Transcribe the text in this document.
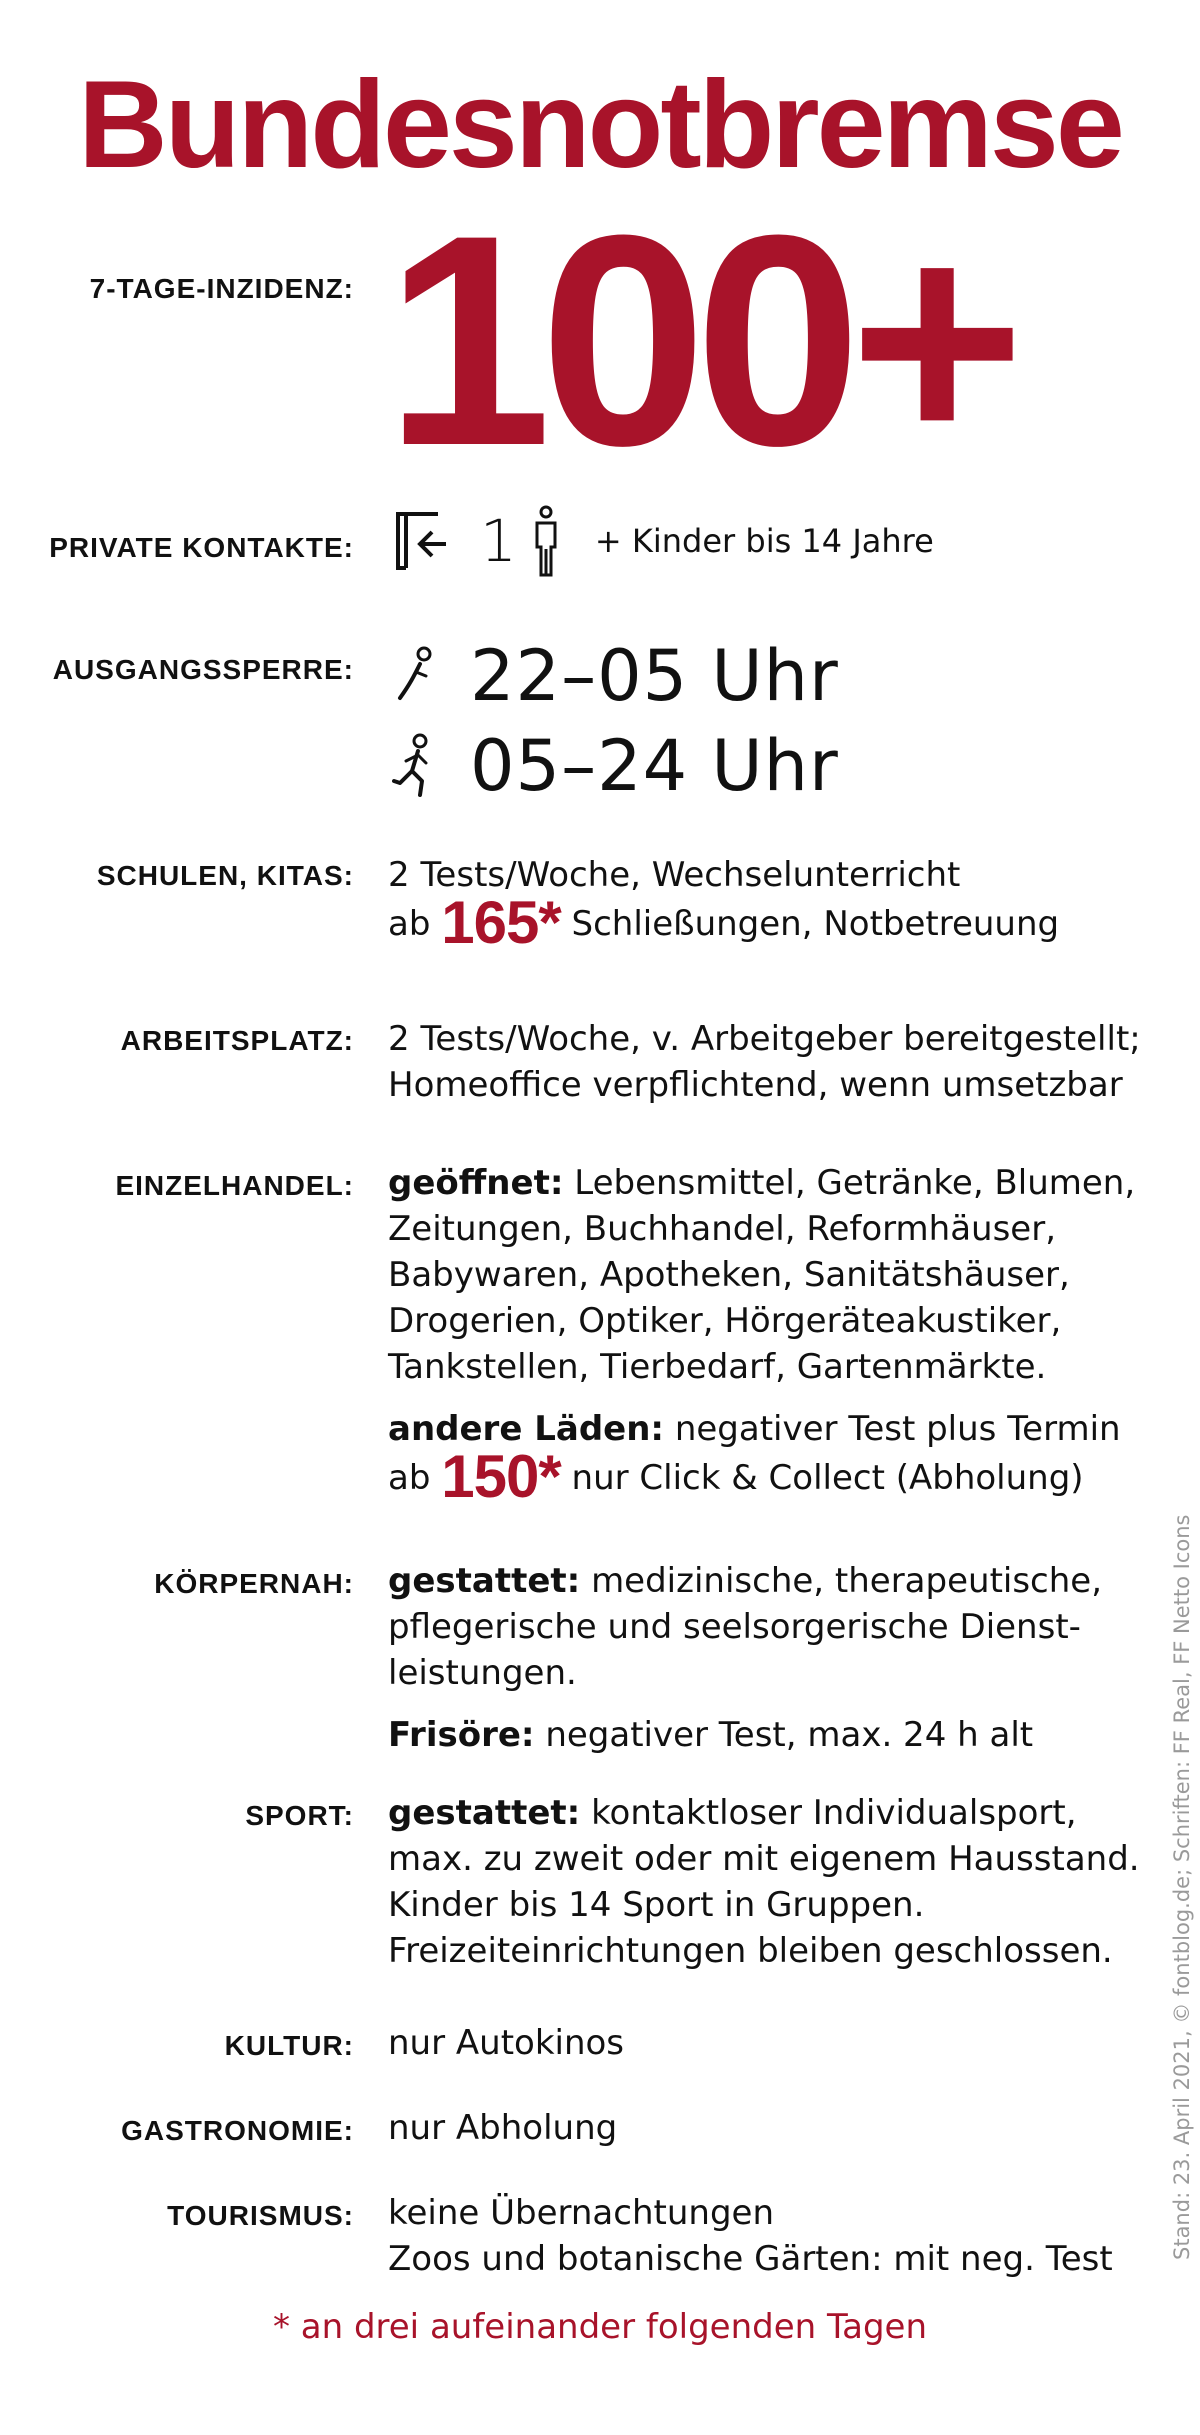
Bundesnotbremse
7-TAGE-INZIDENZ: 100+
PRIVATE KONTAKTE: 1 + Kinder bis 14 Jahre
AUSGANGSSPERRE: 22–05 Uhr
05–24 Uhr
SCHULEN, KITAS: 2 Tests/Woche, Wechselunterricht
ab 165* Schließungen, Notbetreuung
ARBEITSPLATZ: 2 Tests/Woche, v. Arbeitgeber bereitgestellt;
Homeoffice verpflichtend, wenn umsetzbar
EINZELHANDEL: geöffnet: Lebensmittel, Getränke, Blumen,
Zeitungen, Buchhandel, Reformhäuser,
Babywaren, Apotheken, Sanitätshäuser,
Drogerien, Optiker, Hörgeräteakustiker,
Tankstellen, Tierbedarf, Gartenmärkte.
andere Läden: negativer Test plus Termin
ab 150* nur Click & Collect (Abholung)
KÖRPERNAH: gestattet: medizinische, therapeutische,
pflegerische und seelsorgerische Dienst-
leistungen.
Frisöre: negativer Test, max. 24 h alt
SPORT: gestattet: kontaktloser Individualsport,
max. zu zweit oder mit eigenem Hausstand.
Kinder bis 14 Sport in Gruppen.
Freizeiteinrichtungen bleiben geschlossen.
KULTUR: nur Autokinos
GASTRONOMIE: nur Abholung
TOURISMUS: keine Übernachtungen
Zoos und botanische Gärten: mit neg. Test
* an drei aufeinander folgenden Tagen
Stand: 23. April 2021, © fontblog.de; Schriften: FF Real, FF Netto Icons
